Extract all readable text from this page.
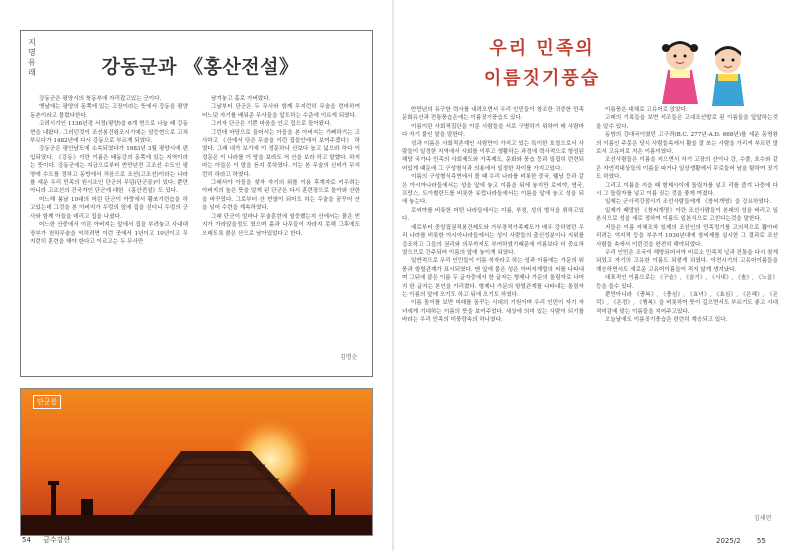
지명유래	강동군과 《홍산전설》

강동군은 평양시의 북동부에 자리잡고있는 군이다.

옛날에는 평양의 동쪽에 있는 고장이라는 뜻에서 강동을 평양동촌이라고 불렀다한다.

고려시기인 1136년경 서경(평양)을 6개 현으로 나눌 때 강동현을 내왔다. 그러던것이 조선봉건왕조시기에는 삼등현으로 고쳐부르다가 1482년에 다시 강동으로 부르게 되였다.

강동군은 평안남도에 소속되였다가 1983년 3월 평양시에 편입되였다. 《강동》이란 이름은 태동강의 동쪽에 있는 지역이라는 뜻이다. 강동군에는 지금으로부터 반만년전 고조선 수도인 평양에 수도를 정하고 동방에서 처음으로 조선(고조선)이라는 나라를 세운 우리 민족의 원시조인 단군의 무덤(단군릉)이 있다. 뿐만아니라 고조선의 건국자인 단군에 대한 《홍산전설》도 있다.

어느해 봄날 10대의 어린 단군이 아랑에서 활쏘기련습을 하고있는데 그것을 본 아버지가 우렁의 앞에 집을 싣더니 우렁의 군사와 함께 아들을 데리고 집을 나셨다.

어느한 산중에서 이른 아버지는 앞에서 집을 부려놓고 사내대장부가 천하무술을 익히려면 이런 곳에서 1년이고 10년이고 무지런히 훈련을 해야 한다고 이르고는 두 무사만

남겨놓고 홀로 가버렸다.

그날부터 단군은 두 무사와 함께 무지런히 무술을 련마하여 어느덧 자기를 배워준 무사들을 앞도하는 수준에 이르게 되였다.

그러자 단군은 기쁜 마음을 안고 집으로 돌아왔다.

그런데 마당으로 들어서는 아들을 본 아버지는 기뻐하기는 고사하고 《산에서 닦은 무술을 이런 집들안에서 보여주겠다》 하였다. 그래 내가 보기에 이 정문하나 산보다 높고 넓으랴 하다 이 정문은 이 나라를 이 땅을 보라도 저 산을 보라 하고 말했다. 하지마는 아들은 이 말을 듣지 못하였다. 이는 본 무술의 신비가 무지런히 하라고 하였다.

그래서야 아들을 찾자 자기의 위를 이용 후계자로 키우려는 아버지의 높은 뜻을 알게 된 단군은 다시 훈련장으로 돌아와 산한을 바꾸었다. 그로부터 산 반열이 되어도 하는 무술을 꿈꾸어 산을 넘어 수련을 계속하였다.

그래 단군이 얼마나 무술훈련에 열중했는지 산에서는 붉은 빈지가 가라앉을정도 였으며 흙과 나무들이 자라지 못해 그후에도 오래도록 붉은 산으로 남아있었다고 한다.

김명순
단군릉
54 금수강산
우리 민족의
이름짓기풍습

반만년의 유구한 력사를 내려오면서 우리 인민들이 창조한 귀중한 민족문화유산과 전통풍습은에는 이름짓기풍습도 있다.

이름이란 사회적집단을 이룬 사람들을 서로 구별하기 위하여 매 사람마다 자기 붙인 말을 말한다.

성과 이름은 사회적존재인 사람만이 가지고 있는 특이한 호칭으로서 사람들이 일정한 지역에서 사회를 이루고 생활하는 과정에 력사적으로 형성된 해당 국가나 민족의 사회제도와 가족제도, 문화와 풍습 등과 밀접히 련련되어있게 때문에 그 구성형식과 의용에서 일정한 차이를 가지고있다.

이름의 구성형식측면에서 볼 때 우리 나라를 비롯한 중국, 웰남 등과 같은 아시아나라들에서는 성을 앞에 놓고 이름을 뒤에 놓지만 로씨야, 영국, 프랑스, 도이췰란드를 비롯한 유럽나라들에서는 이름을 앞에 놓고 성을 뒤에 놓는다.

로씨야를 비롯한 어떤 나라들에서는 이름, 부칭, 성의 형식을 취하고있다.

예로부터 중앙집권적봉건제도와 가부장적가족제도가 매우 강하였던 우리 나라를 비롯한 아시아나라들에서는 성이 사람들의 출신성분이나 지위를 강조하고 그들의 권리와 의무까지도 부여하였기때문에 이름보다 더 중요하였으므로 간주되어 이름의 앞에 놓이게 되였다.

일반적으로 우리 인민들이 이름 석자라고 하는 성과 이름에는 가문의 위풍과 항렬관계가 표시되였다. 맨 앞에 붙은 성은 아버지계렬의 씨를 나타내며 그뒤에 붙은 이름 두 글자중에서 한 글자는 형제나 가문의 돌림자로 나머지 한 글자는 본인을 가리켰다. 형제나 가문의 항렬관계를 나타내는 돌림자는 이름의 앞에 오기도 하고 뒤에 오기도 하였다.

이름 돌이를 보면 미래를 꿈꾸는 시대의 기원이며 우리 인민이 자기 자녀에게 기대하는 이름의 뜻을 보여주었다. 세상에 의미 있는 사람이 되기를 바라는 우리 민족의 미풍량속의 하나였다.

이름풍은 대체로 고유어로 앉았다.

고래의 기록들을 보면 석조들은 고대조선발로 된 이름들을 앞앞하는것을 알수 있다.

동방의 강대국이였던 고구려(B.C. 277년-A.D. 668년)를 세운 동명왕의 이름인 주몽은 당시 사람들속에서 활을 잘 쏘는 사람을 가리켜 부르던 말로서 고유어로 지은 이름이였다.

조선사람들은 이름을 지으면서 자기 고장의 산이나 강, 수풀, 호수와 같은 자연적대상들의 이름을 따거나 일상생활에서 무로들어 남을 탐하여 짓기도 하였다.

그리고 이름을 지을 때 형제사이에 돌림자를 넣고 리를 즐겨 나중에 다시 그 돌림자를 넣고 이름 짓는 것을 좋게 여겼다.

일제는 군사적강점시기 조선사람들에게 《창씨개명》을 강요하였다.

일제가 패망한 《창씨개명》이란 조선사람들이 본래의 성을 버리고 일본식으로 성을 새로 정하여 이름도 일본식으로 고친다는것을 말한다.

지들은 이름 자체조차 일제의 조선인의 민족정기를 고의적으로 뽑아버리려는 억지적 등을 부추겨 1930년대에 창씨제를 실시한 그 결과로 조선 사람들 속에서 이런것을 완전히 해야되었다.

우리 인민은 조국이 해방되어서야 비로소 민족적 넋과 전통을 다시 찾게 되었고 자기의 고유한 이름도 되찾게 되였다. 이전시기의 고유어이름들을 계승하면서도 새로운 고유어이름들이 적지 않게 생겨났다.

대표적인 이름으로는 《구슬》, 《슬기》, 《시내》, 《솔》, 《노을》 등을 들수 있다.

뿐만아니라 《충복》, 《충심》, 《효녀》, 《효심》, 《은혜》, 《은덕》, 《은정》, 《행복》을 비롯하여 뜻이 깊으면서도 부르기도 좋고 시대적미감에 맞는 이름들을 지어주고있다.

오늘날에도 이름짓기풍습은 련련히 계승되고 있다.

김세련
2025/2 55
